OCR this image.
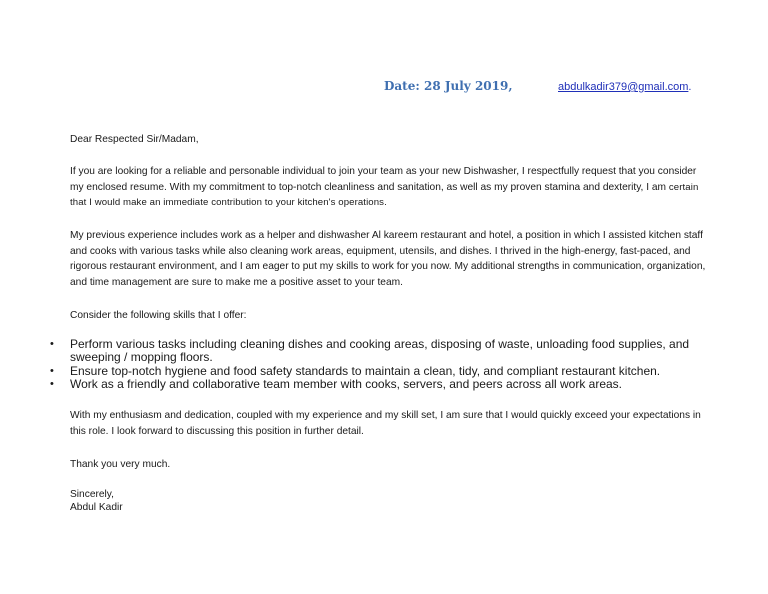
Date: 28 July 2019,	abdulkadir379@gmail.com.
Dear Respected Sir/Madam,
If you are looking for a reliable and personable individual to join your team as your new Dishwasher, I respectfully request that you consider my enclosed resume. With my commitment to top-notch cleanliness and sanitation, as well as my proven stamina and dexterity, I am certain that I would make an immediate contribution to your kitchen's operations.
My previous experience includes work as a helper and dishwasher Al kareem restaurant and hotel, a position in which I assisted kitchen staff and cooks with various tasks while also cleaning work areas, equipment, utensils, and dishes. I thrived in the high-energy, fast-paced, and rigorous restaurant environment, and I am eager to put my skills to work for you now. My additional strengths in communication, organization, and time management are sure to make me a positive asset to your team.
Consider the following skills that I offer:
• Perform various tasks including cleaning dishes and cooking areas, disposing of waste, unloading food supplies, and sweeping / mopping floors.
• Ensure top-notch hygiene and food safety standards to maintain a clean, tidy, and compliant restaurant kitchen.
• Work as a friendly and collaborative team member with cooks, servers, and peers across all work areas.
With my enthusiasm and dedication, coupled with my experience and my skill set, I am sure that I would quickly exceed your expectations in this role. I look forward to discussing this position in further detail.
Thank you very much.
Sincerely,
Abdul Kadir
